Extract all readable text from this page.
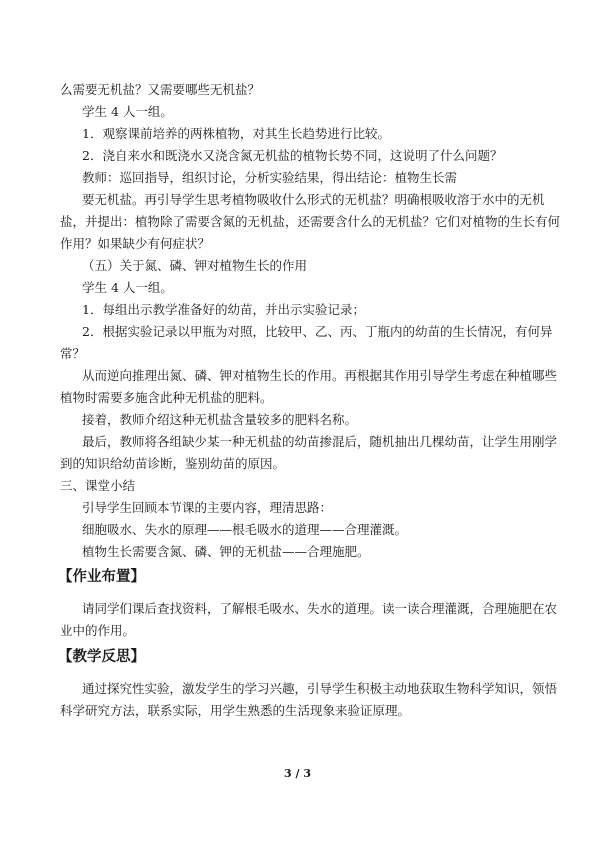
么需要无机盐？又需要哪些无机盐？
学生 4 人一组。
1．观察课前培养的两株植物，对其生长趋势进行比较。
2．浇自来水和既浇水又浇含氮无机盐的植物长势不同，这说明了什么问题？
教师：巡回指导，组织讨论，分析实验结果，得出结论：植物生长需
要无机盐。再引导学生思考植物吸收什么形式的无机盐？明确根吸收溶于水中的无机
盐，并提出：植物除了需要含氮的无机盐，还需要含什么的无机盐？它们对植物的生长有何
作用？如果缺少有何症状？
（五）关于氮、磷、钾对植物生长的作用
学生 4 人一组。
1．每组出示教学准备好的幼苗，并出示实验记录；
2．根据实验记录以甲瓶为对照，比较甲、乙、丙、丁瓶内的幼苗的生长情况，有何异
常？
从而逆向推理出氮、磷、钾对植物生长的作用。再根据其作用引导学生考虑在种植哪些
植物时需要多施含此种无机盐的肥料。
接着，教师介绍这种无机盐含量较多的肥料名称。
最后，教师将各组缺少某一种无机盐的幼苗掺混后，随机抽出几棵幼苗，让学生用刚学
到的知识给幼苗诊断，鉴别幼苗的原因。
三、课堂小结
引导学生回顾本节课的主要内容，理清思路：
细胞吸水、失水的原理——根毛吸水的道理——合理灌溉。
植物生长需要含氮、磷、钾的无机盐——合理施肥。
【作业布置】
请同学们课后查找资料，了解根毛吸水、失水的道理。读一读合理灌溉，合理施肥在农
业中的作用。
【教学反思】
通过探究性实验，激发学生的学习兴趣，引导学生积极主动地获取生物科学知识，领悟
科学研究方法，联系实际，用学生熟悉的生活现象来验证原理。
3 / 3
